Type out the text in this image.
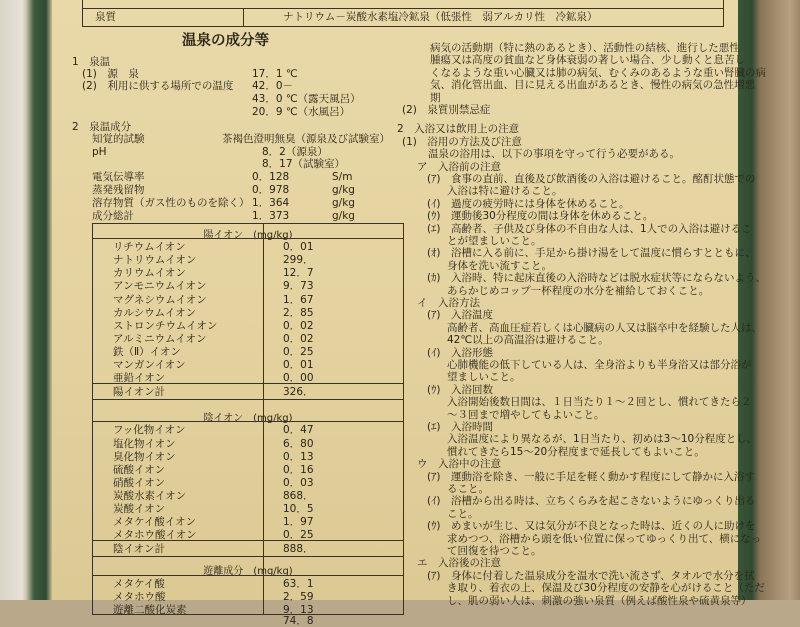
泉質	ナトリウム－炭酸水素塩冷鉱泉（低張性　弱アルカリ性　冷鉱泉）
温泉の成分等
1　泉温
(1)　源　泉	17．1 ℃
(2)　利用に供する場所での温度 42．0－
43．0 ℃（露天風呂）
20．9 ℃（水風呂）
2　泉温成分
知覚的試験	茶褐色澄明無臭（源泉及び試験室）
pH	8．2（源泉）
8．17（試験室）
電気伝導率	0．128	S/m
蒸発残留物	0．978	g/kg
溶存物質（ガス性のものを除く） 1．364	g/kg
成分総計	1．373	g/kg
陽イオン　(mg/kg)
リチウムイオン	0．01
ナトリウムイオン	299．
カリウムイオン	12．7
アンモニウムイオン	9．73
マグネシウムイオン	1．67
カルシウムイオン	2．85
ストロンチウムイオン	0．02
アルミニウムイオン	0．02
鉄（Ⅱ）イオン	0．25
マンガンイオン	0．01
亜鉛イオン	0．00
陽イオン計	326．
陰イオン　(mg/kg)
フッ化物イオン	0．47
塩化物イオン	6．80
臭化物イオン	0．13
硫酸イオン	0．16
硝酸イオン	0．03
炭酸水素イオン	868．
炭酸イオン	10．5
メタケイ酸イオン	1．97
メタホウ酸イオン	0．25
陰イオン計	888．
遊離成分　(mg/kg)
メタケイ酸	63．1
メタホウ酸	2．59
遊離二酸化炭素	9．13
74．8
病気の活動期（特に熱のあるとき）、活動性の結核、進行した悪性
腫瘍又は高度の貧血など身体衰弱の著しい場合、少し動くと息苦し
くなるような重い心臓又は肺の病気、むくみのあるような重い腎臓の病
気、消化管出血、目に見える出血があるとき、慢性の病気の急性増悪
期
(2)　泉質別禁忌症
2　入浴又は飲用上の注意
(1)　浴用の方法及び注意
温泉の浴用は、以下の事項を守って行う必要がある。
ア　入浴前の注意
(ｱ)　食事の直前、直後及び飲酒後の入浴は避けること。酩酊状態での
入浴は特に避けること。
(ｲ)　過度の疲労時には身体を休めること。
(ｳ)　運動後30分程度の間は身体を休めること。
(ｴ)　高齢者、子供及び身体の不自由な人は、1人での入浴は避けるこ
とが望ましいこと。
(ｵ)　浴槽に入る前に、手足から掛け湯をして温度に慣らすとともに、
身体を洗い流すこと。
(ｶ)　入浴時、特に起床直後の入浴時などは脱水症状等にならないよう、
あらかじめコップ一杯程度の水分を補給しておくこと。
イ　入浴方法
(ｱ)　入浴温度
高齢者、高血圧症若しくは心臓病の人又は脳卒中を経験した人は、
42℃以上の高温浴は避けること。
(ｲ)　入浴形態
心肺機能の低下している人は、全身浴よりも半身浴又は部分浴が
望ましいこと。
(ｳ)　入浴回数
入浴開始後数日間は、１日当たり１～２回とし、慣れてきたら２
～３回まで増やしてもよいこと。
(ｴ)　入浴時間
入浴温度により異なるが、1日当たり、初めは3～10分程度とし、
慣れてきたら15～20分程度まで延長してもよいこと。
ウ　入浴中の注意
(ｱ)　運動浴を除き、一般に手足を軽く動かす程度にして静かに入浴す
ること。
(ｲ)　浴槽から出る時は、立ちくらみを起こさないようにゆっくり出る
こと。
(ｳ)　めまいが生じ、又は気分が不良となった時は、近くの人に助けを
求めつつ、浴槽から頭を低い位置に保ってゆっくり出て、横になっ
て回復を待つこと。
エ　入浴後の注意
(ｱ)　身体に付着した温泉成分を温水で洗い流さず、タオルで水分を拭
き取り、着衣の上、保温及び30分程度の安静を心がけること（ただ
し、肌の弱い人は、刺激の強い泉質（例えば酸性泉や硫黄泉等）
